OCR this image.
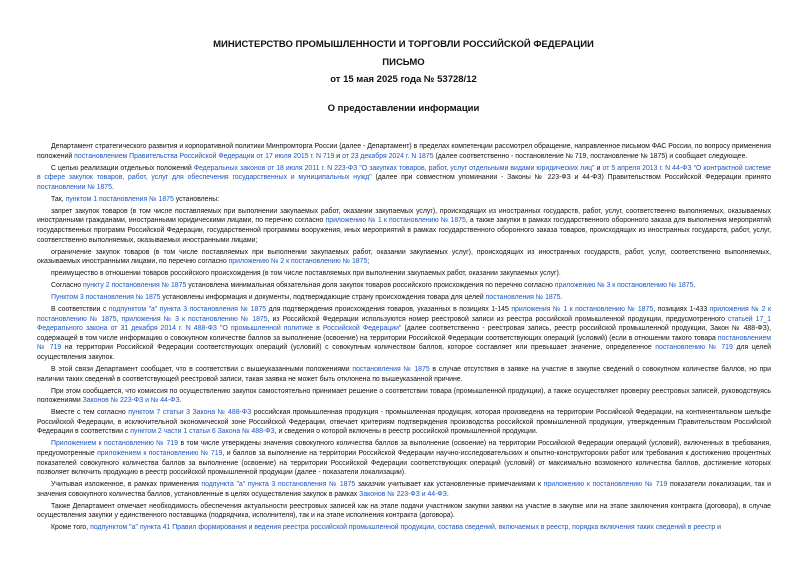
МИНИСТЕРСТВО ПРОМЫШЛЕННОСТИ И ТОРГОВЛИ РОССИЙСКОЙ ФЕДЕРАЦИИ
ПИСЬМО
от 15 мая 2025 года № 53728/12
О предоставлении информации

Департамент стратегического развития и корпоративной политики Минпромторга России (далее - Департамент) в пределах компетенции рассмотрел обращение, направленное письмом ФАС России, по вопросу применения положений постановлением Правительства Российской Федерации от 17 июля 2015 г. N 719 и от 23 декабря 2024 г. N 1875 (далее соответственно - постановление № 719, постановление № 1875) и сообщает следующее.

С целью реализации отдельных положений Федеральных законов от 18 июля 2011 г. N 223-ФЗ "О закупках товаров, работ, услуг отдельными видами юридических лиц" и от 5 апреля 2013 г. N 44-ФЗ "О контрактной системе в сфере закупок товаров, работ, услуг для обеспечения государственных и муниципальных нужд" (далее при совместном упоминании - Законы № 223-ФЗ и 44-ФЗ) Правительством Российской Федерации принято постановлении № 1875.

Так, пунктом 1 постановления № 1875 установлены:

запрет закупок товаров (в том числе поставляемых при выполнении закупаемых работ, оказании закупаемых услуг), происходящих из иностранных государств, работ, услуг, соответственно выполняемых, оказываемых иностранными гражданами, иностранными юридическими лицами, по перечню согласно приложению № 1 к постановлению № 1875, а также закупки в рамках государственного оборонного заказа для выполнения мероприятий государственных программ Российской Федерации, государственной программы вооружения, иных мероприятий в рамках государственного оборонного заказа товаров, происходящих из иностранных государств, работ, услуг, соответственно выполняемых, оказываемых иностранными лицами;

ограничение закупок товаров (в том числе поставляемых при выполнении закупаемых работ, оказании закупаемых услуг), происходящих из иностранных государств, работ, услуг, соответственно выполняемых, оказываемых иностранными лицами, по перечню согласно приложению № 2 к постановлению № 1875;

преимущество в отношении товаров российского происхождения (в том числе поставляемых при выполнении закупаемых работ, оказании закупаемых услуг).

Согласно пункту 2 постановления № 1875 установлена минимальная обязательная доля закупок товаров российского происхождения по перечню согласно приложению № 3 к постановлению № 1875.

Пунктом 3 постановления № 1875 установлены информация и документы, подтверждающие страну происхождения товара для целей постановления № 1875.

В соответствии с подпунктом "а" пункта 3 постановления № 1875 для подтверждения происхождения товаров, указанных в позициях 1-145 приложения № 1 к постановлению № 1875, позициях 1-433 приложения № 2 к постановлению № 1875, приложения № 3 к постановлению № 1875, из Российской Федерации используются номер реестровой записи из реестра российской промышленной продукции, предусмотренного статьей 17_1 Федерального закона от 31 декабря 2014 г. N 488-ФЗ "О промышленной политике в Российской Федерации" (далее соответственно - реестровая запись, реестр российской промышленной продукции, Закон № 488-ФЗ), содержащей в том числе информацию о совокупном количестве баллов за выполнение (освоение) на территории Российской Федерации соответствующих операций (условий) (если в отношении такого товара постановлением № 719 на территории Российской Федерации соответствующих операций (условий) с совокупным количеством баллов, которое составляет или превышает значение, определенное постановлению № 719 для целей осуществления закупок.

В этой связи Департамент сообщает, что в соответствии с вышеуказанными положениями постановления № 1875 в случае отсутствия в заявке на участие в закупке сведений о совокупном количестве баллов, но при наличии таких сведений в соответствующей реестровой записи, такая заявка не может быть отклонена по вышеуказанной причине.

При этом сообщается, что комиссия по осуществлению закупок самостоятельно принимает решение о соответствии товара (промышленной продукции), а также осуществляет проверку реестровых записей, руководствуясь положениями Законов № 223-ФЗ и № 44-ФЗ.

Вместе с тем согласно пунктом 7 статьи 3 Закона № 488-ФЗ российская промышленная продукция - промышленная продукция, которая произведена на территории Российской Федерации, на континентальном шельфе Российской Федерации, в исключительной экономической зоне Российской Федерации, отвечает критериям подтверждения производства российской промышленной продукции, утвержденным Правительством Российской Федерации в соответствии с пунктом 2 части 1 статьи 6 Закона № 488-ФЗ, и сведения о которой включены в реестр российской промышленной продукции.

Приложением к постановлению № 719 в том числе утверждены значения совокупного количества баллов за выполнение (освоение) на территории Российской Федерации операций (условий), включенных в требования, предусмотренные приложением к постановлению № 719, и баллов за выполнение на территории Российской Федерации научно-исследовательских и опытно-конструкторских работ или требования к достижению процентных показателей совокупного количества баллов за выполнение (освоение) на территории Российской Федерации соответствующих операций (условий) от максимально возможного количества баллов, достижение которых позволяет включить продукцию в реестр российской промышленной продукции (далее - показатели локализации).

Учитывая изложенное, в рамках применения подпункта "а" пункта 3 постановления № 1875 заказчик учитывает как установленные примечаниями к приложению к постановлению № 719 показатели локализации, так и значения совокупного количества баллов, установленные в целях осуществления закупок в рамках Законов № 223-ФЗ и 44-ФЗ.

Также Департамент отмечает необходимость обеспечения актуальности реестровых записей как на этапе подачи участником закупки заявки на участие в закупке или на этапе заключения контракта (договора), в случае осуществления закупки у единственного поставщика (подрядчика, исполнителя), так и на этапе исполнения контракта (договора).

Кроме того, подпунктом "а" пункта 41 Правил формирования и ведения реестра российской промышленной продукции, состава сведений, включаемых в реестр, порядка включения таких сведений в реестр и
